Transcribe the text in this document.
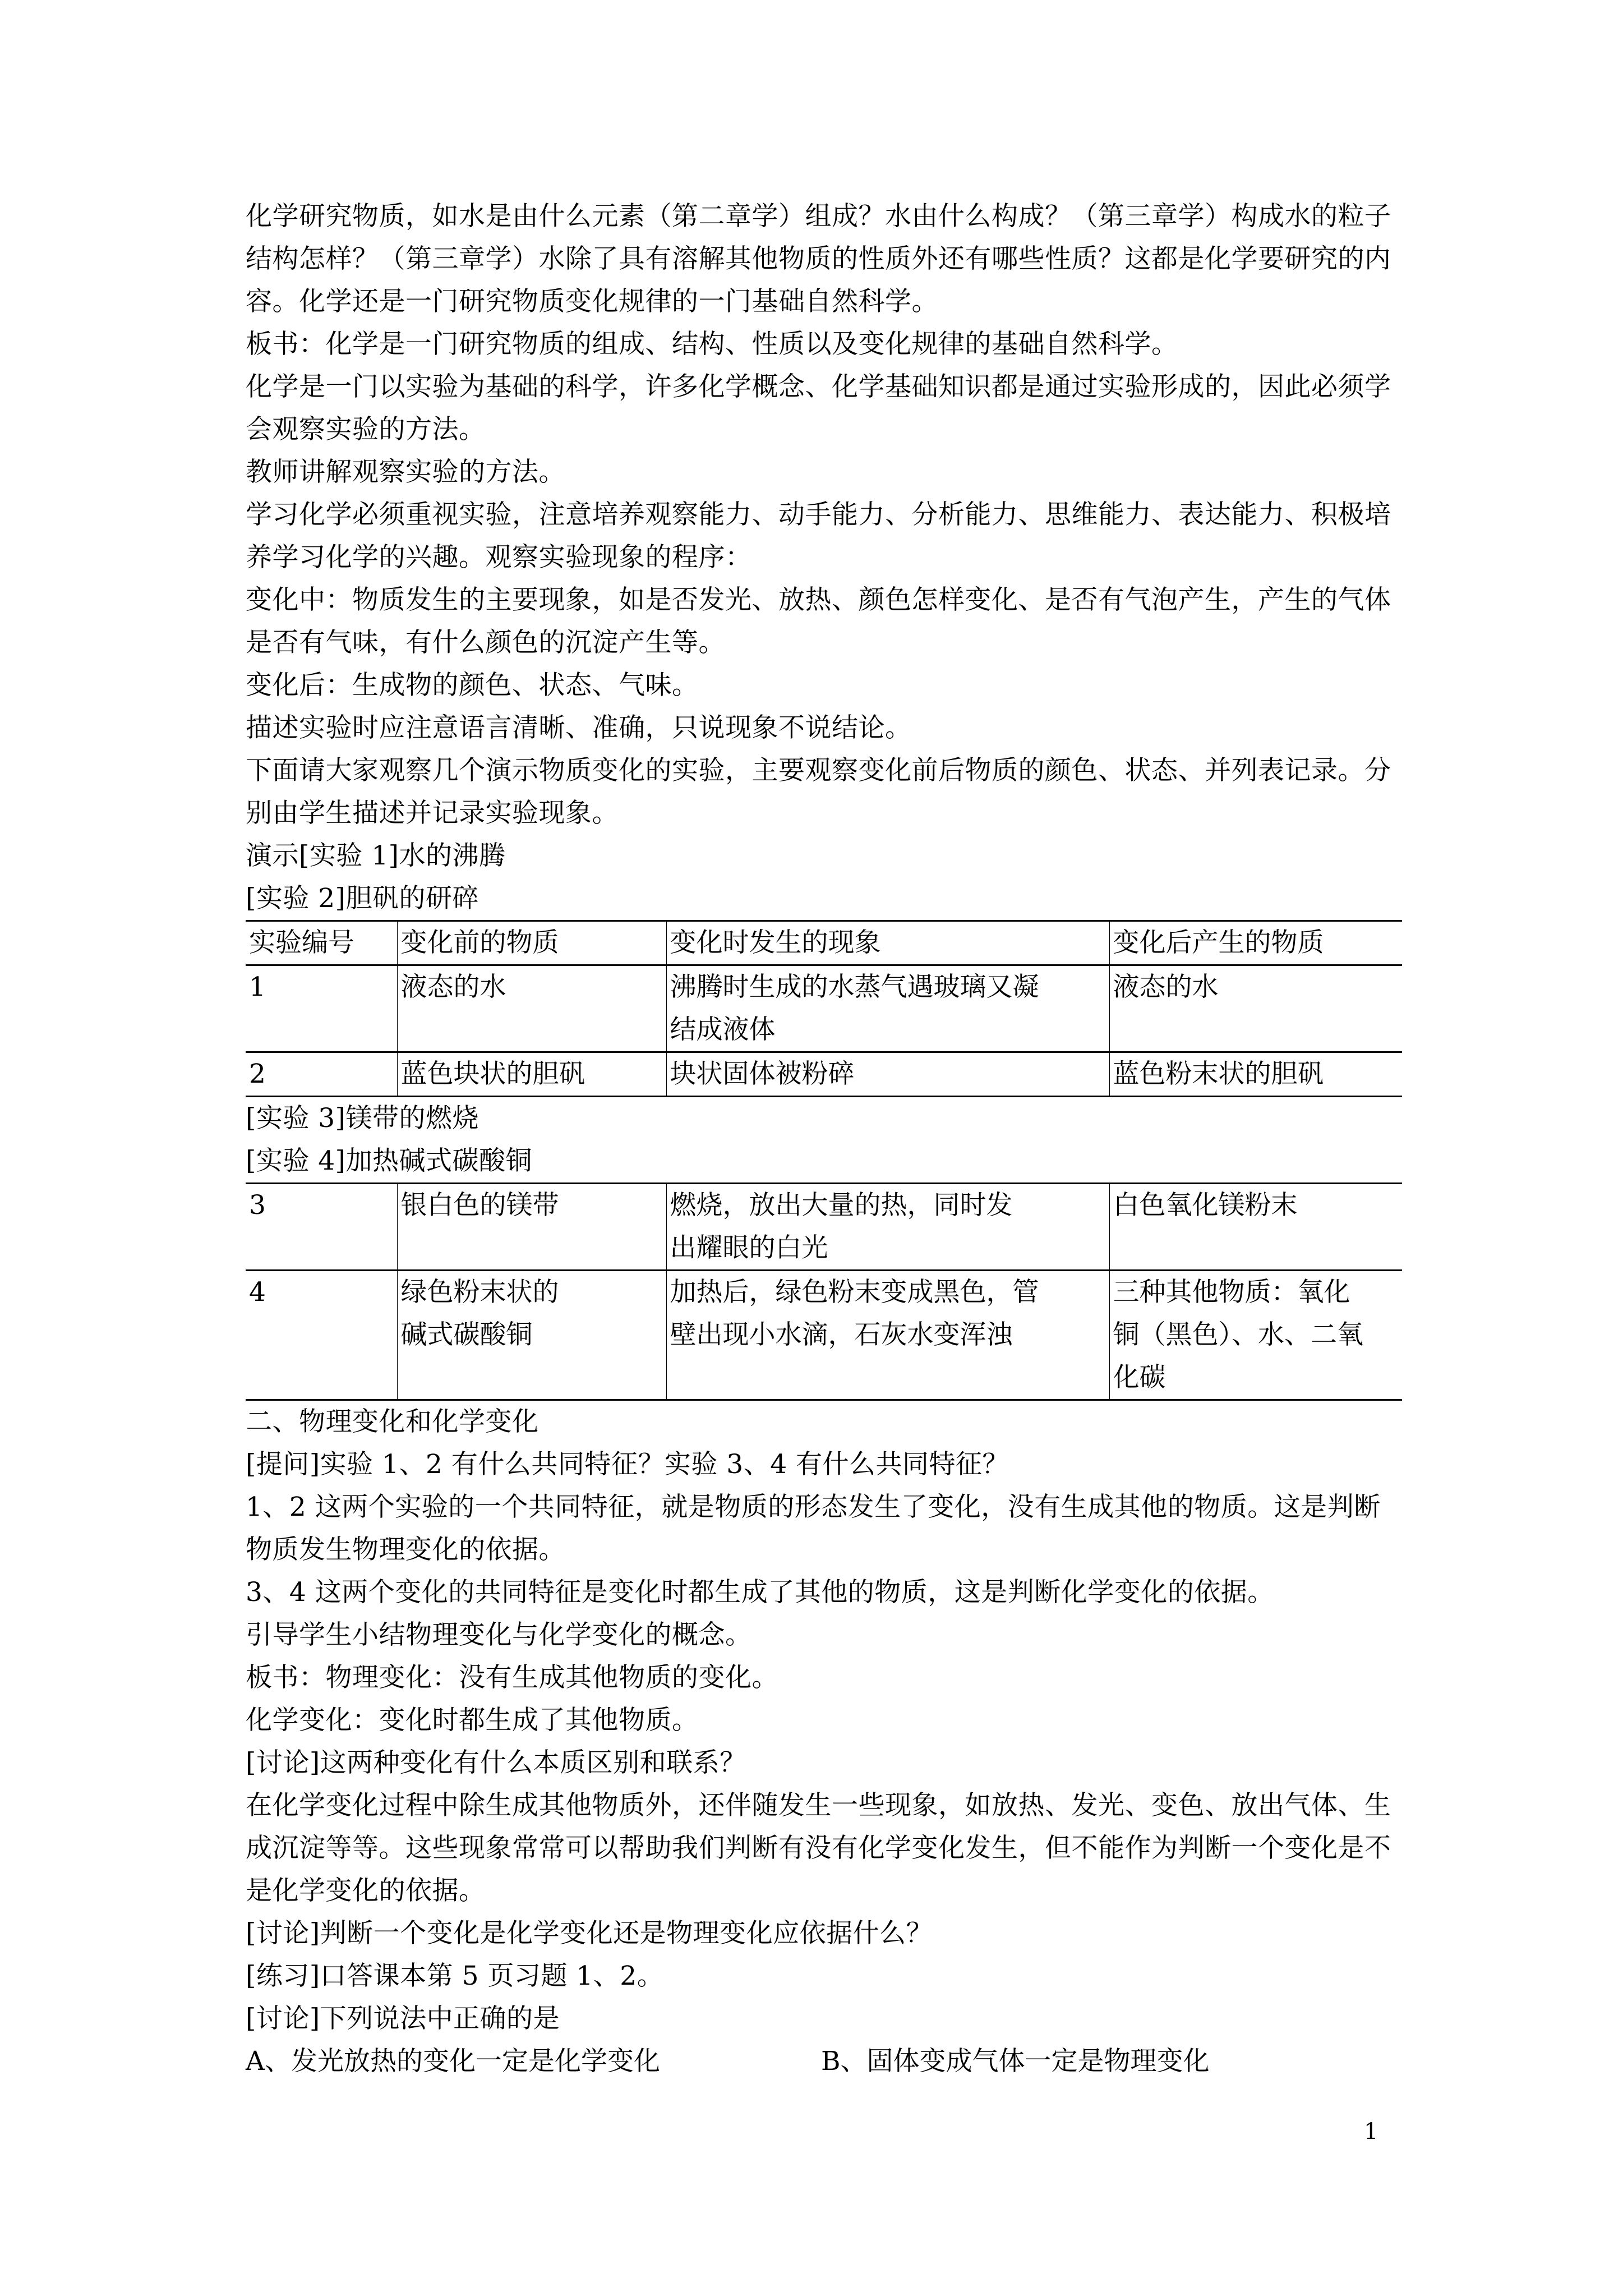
化学研究物质，如水是由什么元素（第二章学）组成？水由什么构成？（第三章学）构成水的粒子结构怎样？（第三章学）水除了具有溶解其他物质的性质外还有哪些性质？这都是化学要研究的内容。化学还是一门研究物质变化规律的一门基础自然科学。

板书：化学是一门研究物质的组成、结构、性质以及变化规律的基础自然科学。

化学是一门以实验为基础的科学，许多化学概念、化学基础知识都是通过实验形成的，因此必须学会观察实验的方法。

教师讲解观察实验的方法。

学习化学必须重视实验，注意培养观察能力、动手能力、分析能力、思维能力、表达能力、积极培养学习化学的兴趣。观察实验现象的程序：

变化中：物质发生的主要现象，如是否发光、放热、颜色怎样变化、是否有气泡产生，产生的气体是否有气味，有什么颜色的沉淀产生等。

变化后：生成物的颜色、状态、气味。

描述实验时应注意语言清晰、准确，只说现象不说结论。

下面请大家观察几个演示物质变化的实验，主要观察变化前后物质的颜色、状态、并列表记录。分别由学生描述并记录实验现象。

演示[实验 1]水的沸腾

[实验 2]胆矾的研碎

实验编号	变化前的物质	变化时发生的现象	变化后产生的物质
1	液态的水	沸腾时生成的水蒸气遇玻璃又凝结成液体	液态的水
2	蓝色块状的胆矾	块状固体被粉碎	蓝色粉末状的胆矾

[实验 3]镁带的燃烧

[实验 4]加热碱式碳酸铜

3	银白色的镁带	燃烧，放出大量的热，同时发出耀眼的白光	白色氧化镁粉末
4	绿色粉末状的碱式碳酸铜	加热后，绿色粉末变成黑色，管壁出现小水滴，石灰水变浑浊	三种其他物质：氧化铜（黑色）、水、二氧化碳

二、物理变化和化学变化

[提问]实验 1、2 有什么共同特征？实验 3、4 有什么共同特征？

1、2 这两个实验的一个共同特征，就是物质的形态发生了变化，没有生成其他的物质。这是判断物质发生物理变化的依据。

3、4 这两个变化的共同特征是变化时都生成了其他的物质，这是判断化学变化的依据。

引导学生小结物理变化与化学变化的概念。

板书：物理变化：没有生成其他物质的变化。

化学变化：变化时都生成了其他物质。

[讨论]这两种变化有什么本质区别和联系？

在化学变化过程中除生成其他物质外，还伴随发生一些现象，如放热、发光、变色、放出气体、生成沉淀等等。这些现象常常可以帮助我们判断有没有化学变化发生，但不能作为判断一个变化是不是化学变化的依据。

[讨论]判断一个变化是化学变化还是物理变化应依据什么？

[练习]口答课本第 5 页习题 1、2。

[讨论]下列说法中正确的是

A、发光放热的变化一定是化学变化	B、固体变成气体一定是物理变化
1
